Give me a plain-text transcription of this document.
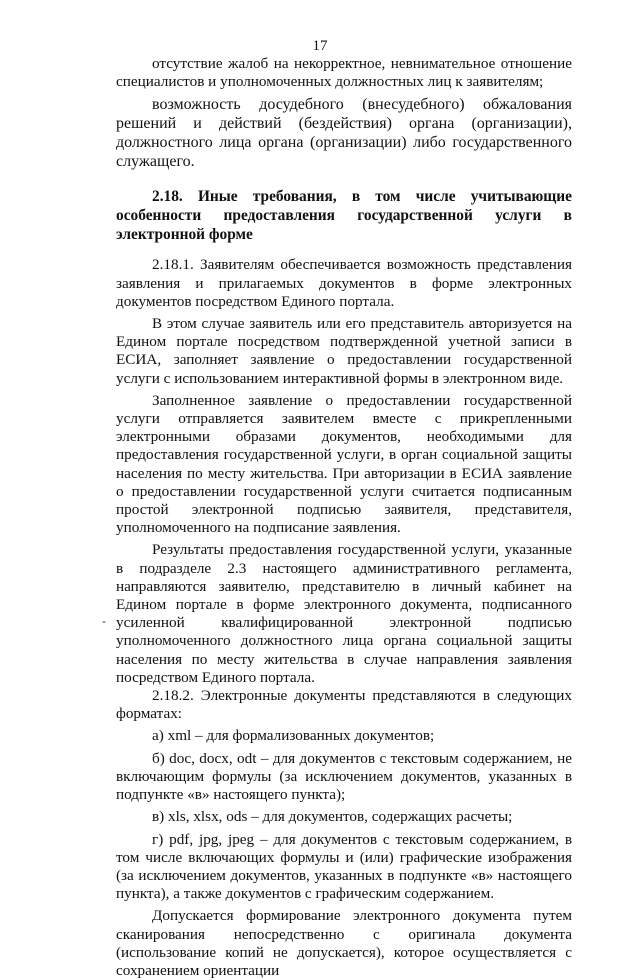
17
-

отсутствие жалоб на некорректное, невнимательное отношение специалистов и уполномоченных должностных лиц к заявителям;

возможность досудебного (внесудебного) обжалования решений и действий (бездействия) органа (организации), должностного лица органа (организации) либо государственного служащего.

2.18. Иные требования, в том числе учитывающие особенности предоставления государственной услуги в электронной форме

2.18.1. Заявителям обеспечивается возможность представления заявления и прилагаемых документов в форме электронных документов посредством Единого портала.

В этом случае заявитель или его представитель авторизуется на Едином портале посредством подтвержденной учетной записи в ЕСИА, заполняет заявление о предоставлении государственной услуги с использованием интерактивной формы в электронном виде.

Заполненное заявление о предоставлении государственной услуги отправляется заявителем вместе с прикрепленными электронными образами документов, необходимыми для предоставления государственной услуги, в орган социальной защиты населения по месту жительства. При авторизации в ЕСИА заявление о предоставлении государственной услуги считается подписанным простой электронной подписью заявителя, представителя, уполномоченного на подписание заявления.

Результаты предоставления государственной услуги, указанные в подразделе 2.3 настоящего административного регламента, направляются заявителю, представителю в личный кабинет на Едином портале в форме электронного документа, подписанного усиленной квалифицированной электронной подписью уполномоченного должностного лица органа социальной защиты населения по месту жительства в случае направления заявления посредством Единого портала.

2.18.2. Электронные документы представляются в следующих форматах:

а) xml – для формализованных документов;

б) doc, docx, odt – для документов с текстовым содержанием, не включающим формулы (за исключением документов, указанных в подпункте «в» настоящего пункта);

в) xls, xlsx, ods – для документов, содержащих расчеты;

г) pdf, jpg, jpeg – для документов с текстовым содержанием, в том числе включающих формулы и (или) графические изображения (за исключением документов, указанных в подпункте «в» настоящего пункта), а также документов с графическим содержанием.

Допускается формирование электронного документа путем сканирования непосредственно с оригинала документа (использование копий не допускается), которое осуществляется с сохранением ориентации
